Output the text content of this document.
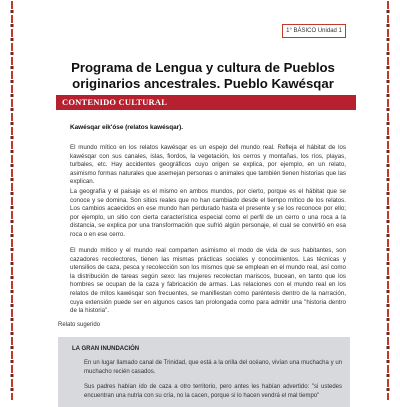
1° BÁSICO Unidad 1
Programa de Lengua y cultura de Pueblos originarios ancestrales. Pueblo Kawésqar
CONTENIDO CULTURAL
Kawésqar eik'óse (relatos kawésqar).

El mundo mítico en los relatos kawésqar es un espejo del mundo real. Refleja el hábitat de los kawésqar con sus canales, islas, fiordos, la vegetación, los cerros y montañas, los ríos, playas, turbales, etc. Hay accidentes geográficos cuyo origen se explica, por ejemplo, en un relato, asimismo formas naturales que asemejan personas o animales que también tienen historias que las explican.

La geografía y el paisaje es el mismo en ambos mundos, por cierto, porque es el hábitat que se conoce y se domina. Son sitios reales que no han cambiado desde el tiempo mítico de los relatos. Los cambios acaecidos en ese mundo han perdurado hasta el presente y se los reconoce por ello; por ejemplo, un sitio con cierta característica especial como el perfil de un cerro o una roca a la distancia, se explica por una transformación que sufrió algún personaje, el cual se convirtió en esa roca o en ese cerro.

El mundo mítico y el mundo real comparten asimismo el modo de vida de sus habitantes, son cazadores recolectores, tienen las mismas prácticas sociales y conocimientos. Las técnicas y utensilios de caza, pesca y recolección son los mismos que se emplean en el mundo real, así como la distribución de tareas según sexo: las mujeres recolectan mariscos, bucean, en tanto que los hombres se ocupan de la caza y fabricación de armas. Las relaciones con el mundo real en los relatos de mitos kawésqar son frecuentes, se manifiestan como paréntesis dentro de la narración, cuya extensión puede ser en algunos casos tan prolongada como para admitir una "historia dentro de la historia".

Relato sugerido
LA GRAN INUNDACIÓN

En un lugar llamado canal de Trinidad, que está a la orilla del océano, vivían una muchacha y un muchacho recién casados.

Sus padres habían ido de caza a otro territorio, pero antes les habían advertido: "si ustedes encuentran una nutria con su cría, no la cacen, porque si lo hacen vendrá el mal tiempo"
